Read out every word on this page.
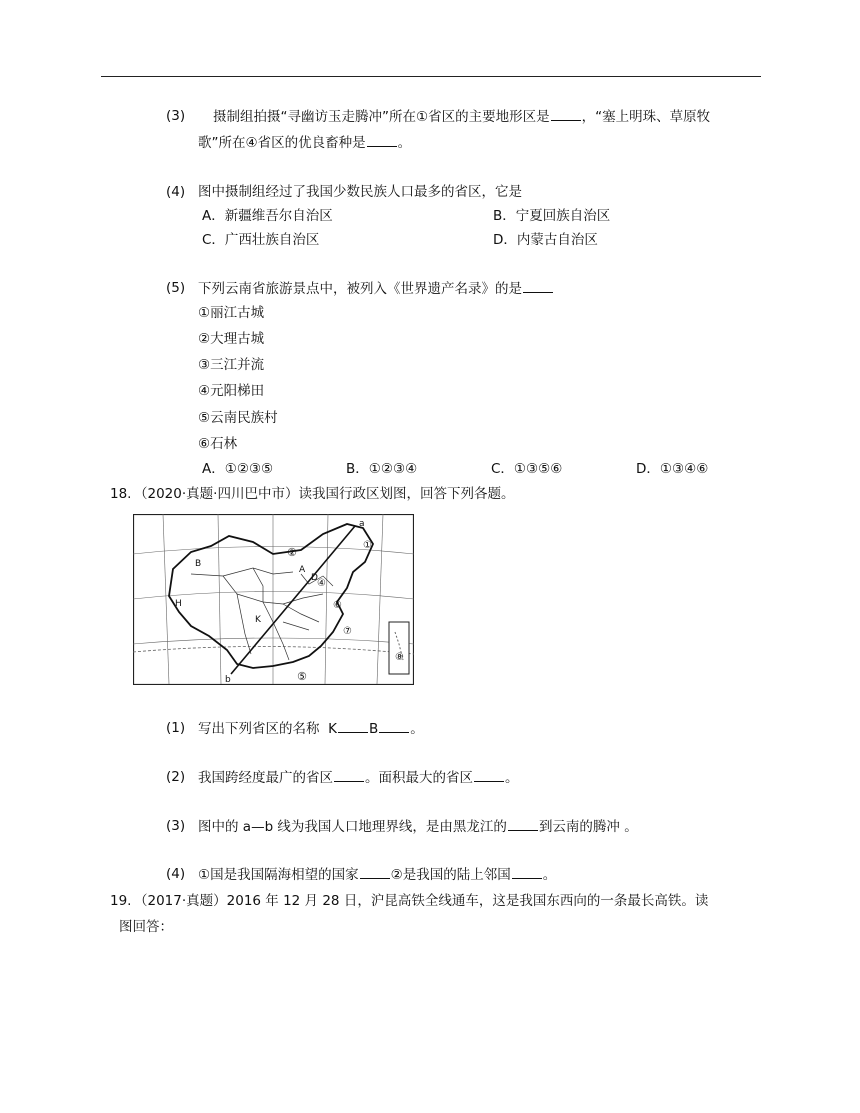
(3) 摄制组拍摄“寻幽访玉走腾冲”所在①省区的主要地形区是 ，“塞上明珠、草原牧
歌”所在④省区的优良畜种是 。
(4) 图中摄制组经过了我国少数民族人口最多的省区，它是
A．新疆维吾尔自治区	B．宁夏回族自治区
C．广西壮族自治区	D．内蒙古自治区
(5) 下列云南省旅游景点中，被列入《世界遗产名录》的是
①丽江古城
②大理古城
③三江并流
④元阳梯田
⑤云南民族村
⑥石林
A．①②③⑤	B．①②③④	C．①③⑤⑥	D．①③④⑥
18. （2020·真题·四川巴中市）读我国行政区划图，回答下列各题。
a
b
B
A
D
H
K
②
④
⑥
⑦
⑧
⑤
①
(1) 写出下列省区的名称 K B 。
(2) 我国跨经度最广的省区 。面积最大的省区 。
(3) 图中的 a—b 线为我国人口地理界线，是由黑龙江的 到云南的腾冲 。
(4) ①国是我国隔海相望的国家 ②是我国的陆上邻国 。
19. （2017·真题）2016 年 12 月 28 日，沪昆高铁全线通车，这是我国东西向的一条最长高铁。读
图回答：
